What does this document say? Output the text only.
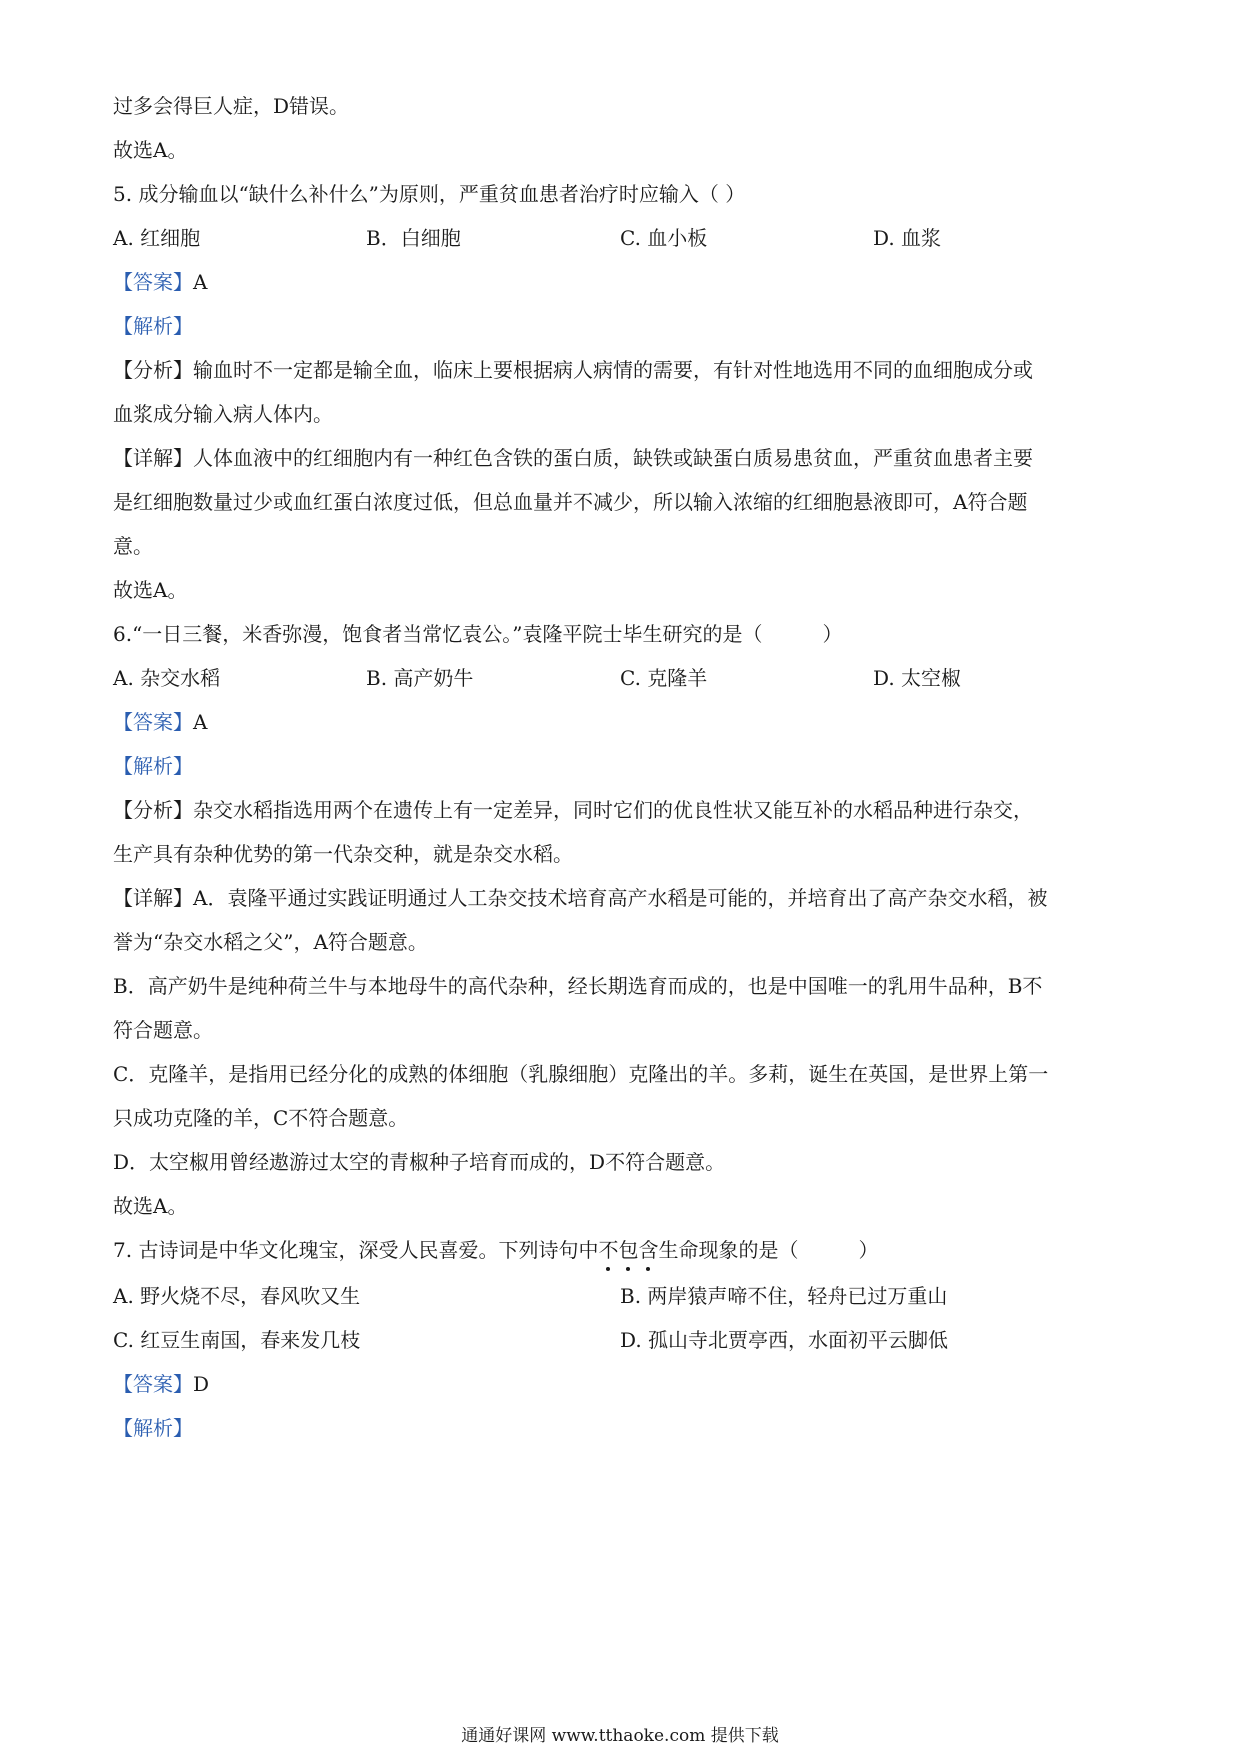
过多会得巨人症，D错误。
故选A。
5. 成分输血以“缺什么补什么”为原则，严重贫血患者治疗时应输入（ ）
A. 红细胞	B．白细胞	C. 血小板	D. 血浆
【答案】A
【解析】
【分析】输血时不一定都是输全血，临床上要根据病人病情的需要，有针对性地选用不同的血细胞成分或
血浆成分输入病人体内。
【详解】人体血液中的红细胞内有一种红色含铁的蛋白质，缺铁或缺蛋白质易患贫血，严重贫血患者主要
是红细胞数量过少或血红蛋白浓度过低，但总血量并不减少，所以输入浓缩的红细胞悬液即可，A符合题
意。
故选A。
6.“一日三餐，米香弥漫，饱食者当常忆袁公。”袁隆平院士毕生研究的是（　　　）
A. 杂交水稻	B. 高产奶牛	C. 克隆羊	D. 太空椒
【答案】A
【解析】
【分析】杂交水稻指选用两个在遗传上有一定差异，同时它们的优良性状又能互补的水稻品种进行杂交，
生产具有杂种优势的第一代杂交种，就是杂交水稻。
【详解】A．袁隆平通过实践证明通过人工杂交技术培育高产水稻是可能的，并培育出了高产杂交水稻，被
誉为“杂交水稻之父”，A符合题意。
B．高产奶牛是纯种荷兰牛与本地母牛的高代杂种，经长期选育而成的，也是中国唯一的乳用牛品种，B不
符合题意。
C．克隆羊，是指用已经分化的成熟的体细胞（乳腺细胞）克隆出的羊。多莉，诞生在英国，是世界上第一
只成功克隆的羊，C不符合题意。
D．太空椒用曾经遨游过太空的青椒种子培育而成的，D不符合题意。
故选A。
7. 古诗词是中华文化瑰宝，深受人民喜爱。下列诗句中不包含生命现象的是（　　　）
A. 野火烧不尽，春风吹又生	B. 两岸猿声啼不住，轻舟已过万重山
C. 红豆生南国，春来发几枝	D. 孤山寺北贾亭西，水面初平云脚低
【答案】D
【解析】
通通好课网 www.tthaoke.com 提供下载
